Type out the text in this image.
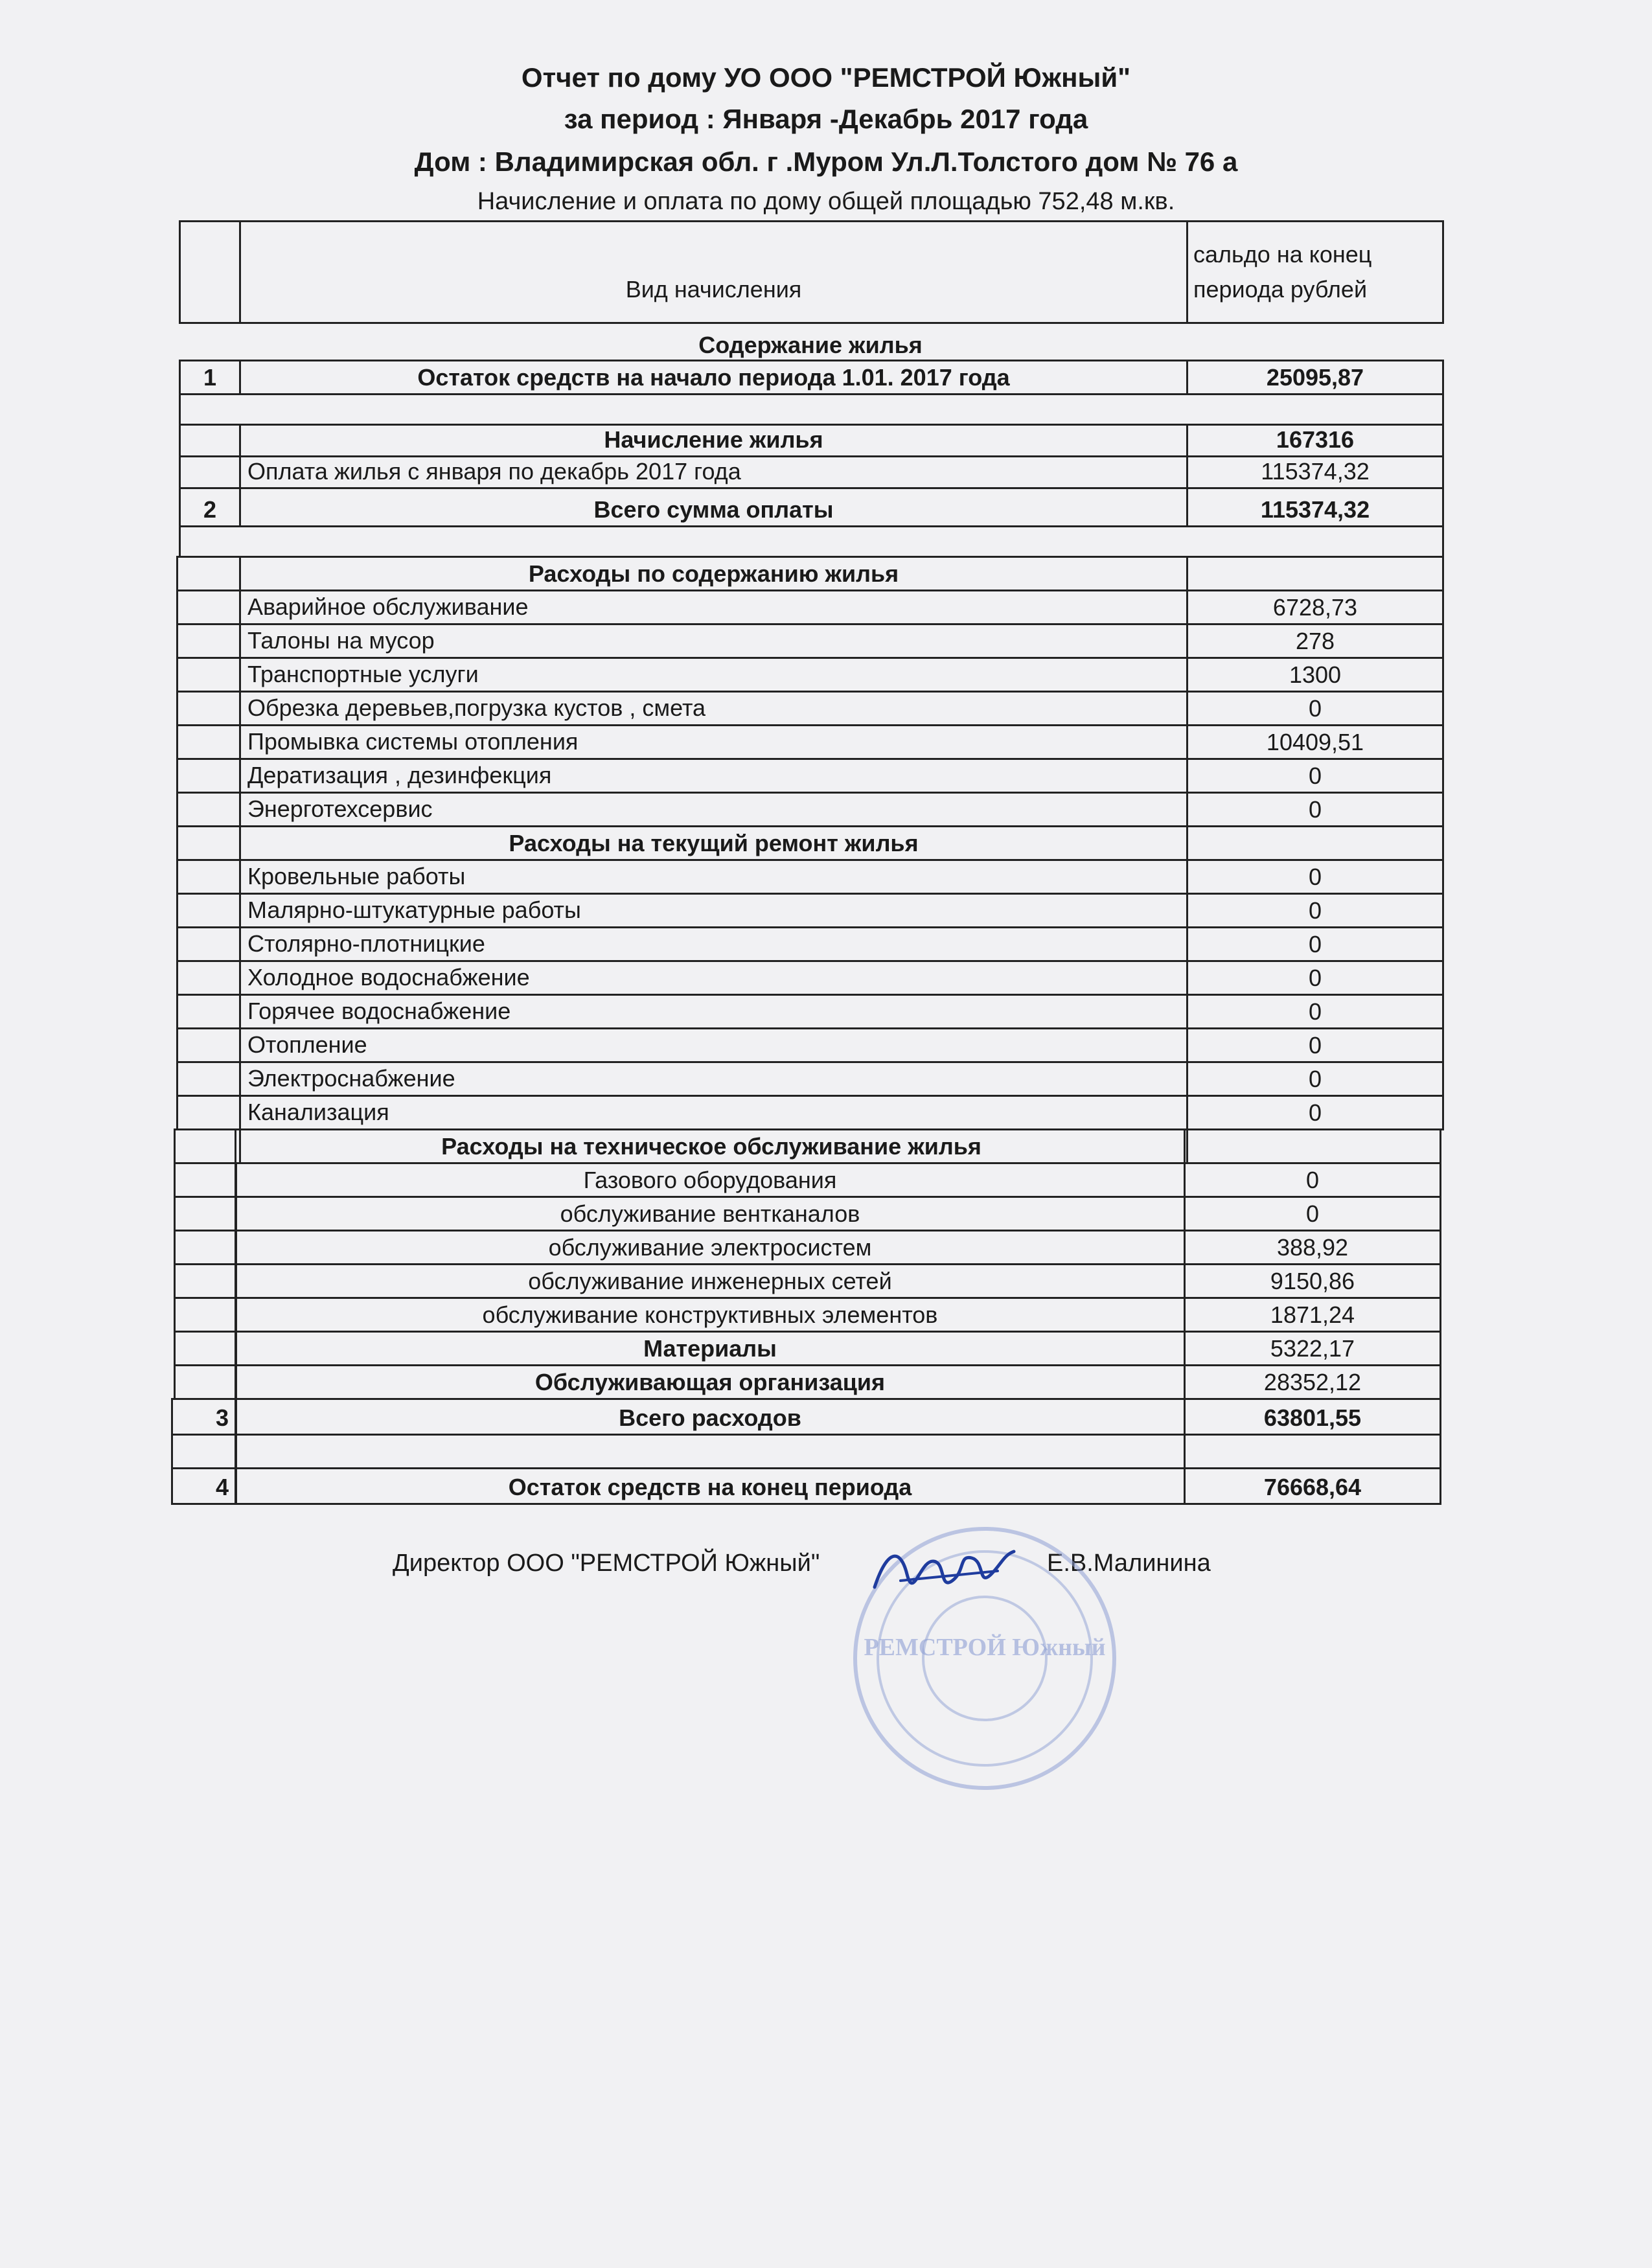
Отчет по дому УО ООО "РЕМСТРОЙ Южный"
за период : Января -Декабрь 2017 года
Дом : Владимирская обл. г .Муром Ул.Л.Толстого дом № 76 а
Начисление и оплата по дому общей площадью 752,48 м.кв.
Вид начисления
сальдо на конец
периода рублей
Содержание жилья
1	Остаток средств на начало периода 1.01. 2017 года	25095,87
Начисление жилья	167316
Оплата жилья с января по декабрь 2017 года	115374,32
2	Всего сумма оплаты	115374,32
Расходы по содержанию жилья
Аварийное обслуживание	6728,73
Талоны на мусор	278
Транспортные услуги	1300
Обрезка деревьев,погрузка кустов , смета	0
Промывка системы отопления	10409,51
Дератизация , дезинфекция	0
Энерготехсервис	0
Расходы на текущий ремонт жилья
Кровельные работы	0
Малярно-штукатурные работы	0
Столярно-плотницкие	0
Холодное водоснабжение	0
Горячее водоснабжение	0
Отопление	0
Электроснабжение	0
Канализация	0
Расходы на техническое обслуживание жилья
Газового оборудования	0
обслуживание вентканалов	0
обслуживание электросистем	388,92
обслуживание инженерных сетей	9150,86
обслуживание конструктивных элементов	1871,24
Материалы	5322,17
Обслуживающая организация	28352,12
3	Всего расходов	63801,55
4	Остаток средств на конец периода	76668,64
Директор ООО "РЕМСТРОЙ Южный"	Е.В.Малинина
РЕМСТРОЙ Южный
